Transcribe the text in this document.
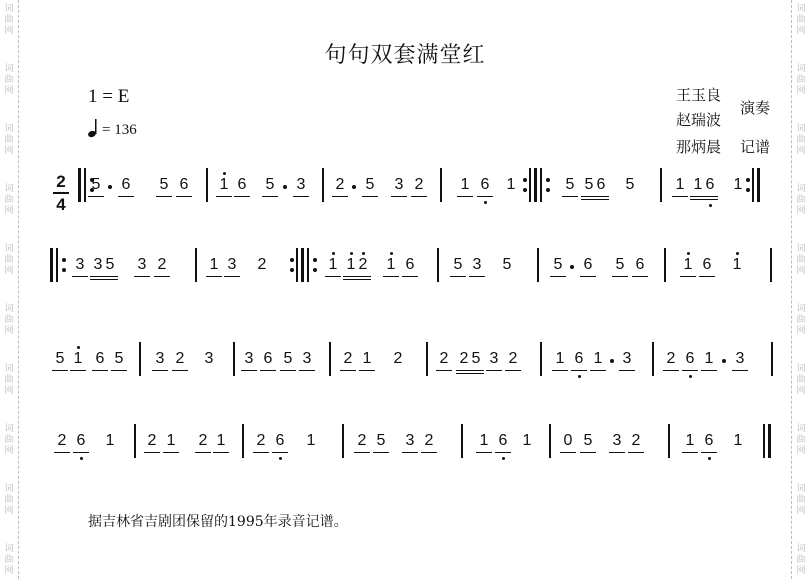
词
曲
网
词
曲
网
词
曲
网
词
曲
网
词
曲
网
词
曲
网
词
曲
网
词
曲
网
词
曲
网
词
曲
网
词
曲
网
词
曲
网
词
曲
网
词
曲
网
词
曲
网
词
曲
网
词
曲
网
词
曲
网
词
曲
网
词
曲
网
句句双套满堂红
1 = E
= 136
王玉良
赵瑞波
演奏
那炳晨 记谱
2
4
5 6 5 6 1 6 5 3 2 5 3 2 1 6 1	5 5 6 5	1 1 6 1
3 3 5 3 2	1 3 2	1 1 2 1 6 5 3 5	5 6 5 6 1 6 1
5 1 6 5 3 2 3 3 6 5 3 2 1 2 2 2 5 3 2 1 6 1 3 2 6 1 3
2 6 1 2 1 2 1 2 6 1	2 5 3 2	1 6 1 0 5 3 2	1 6 1
据吉林省吉剧团保留的1995年录音记谱。
